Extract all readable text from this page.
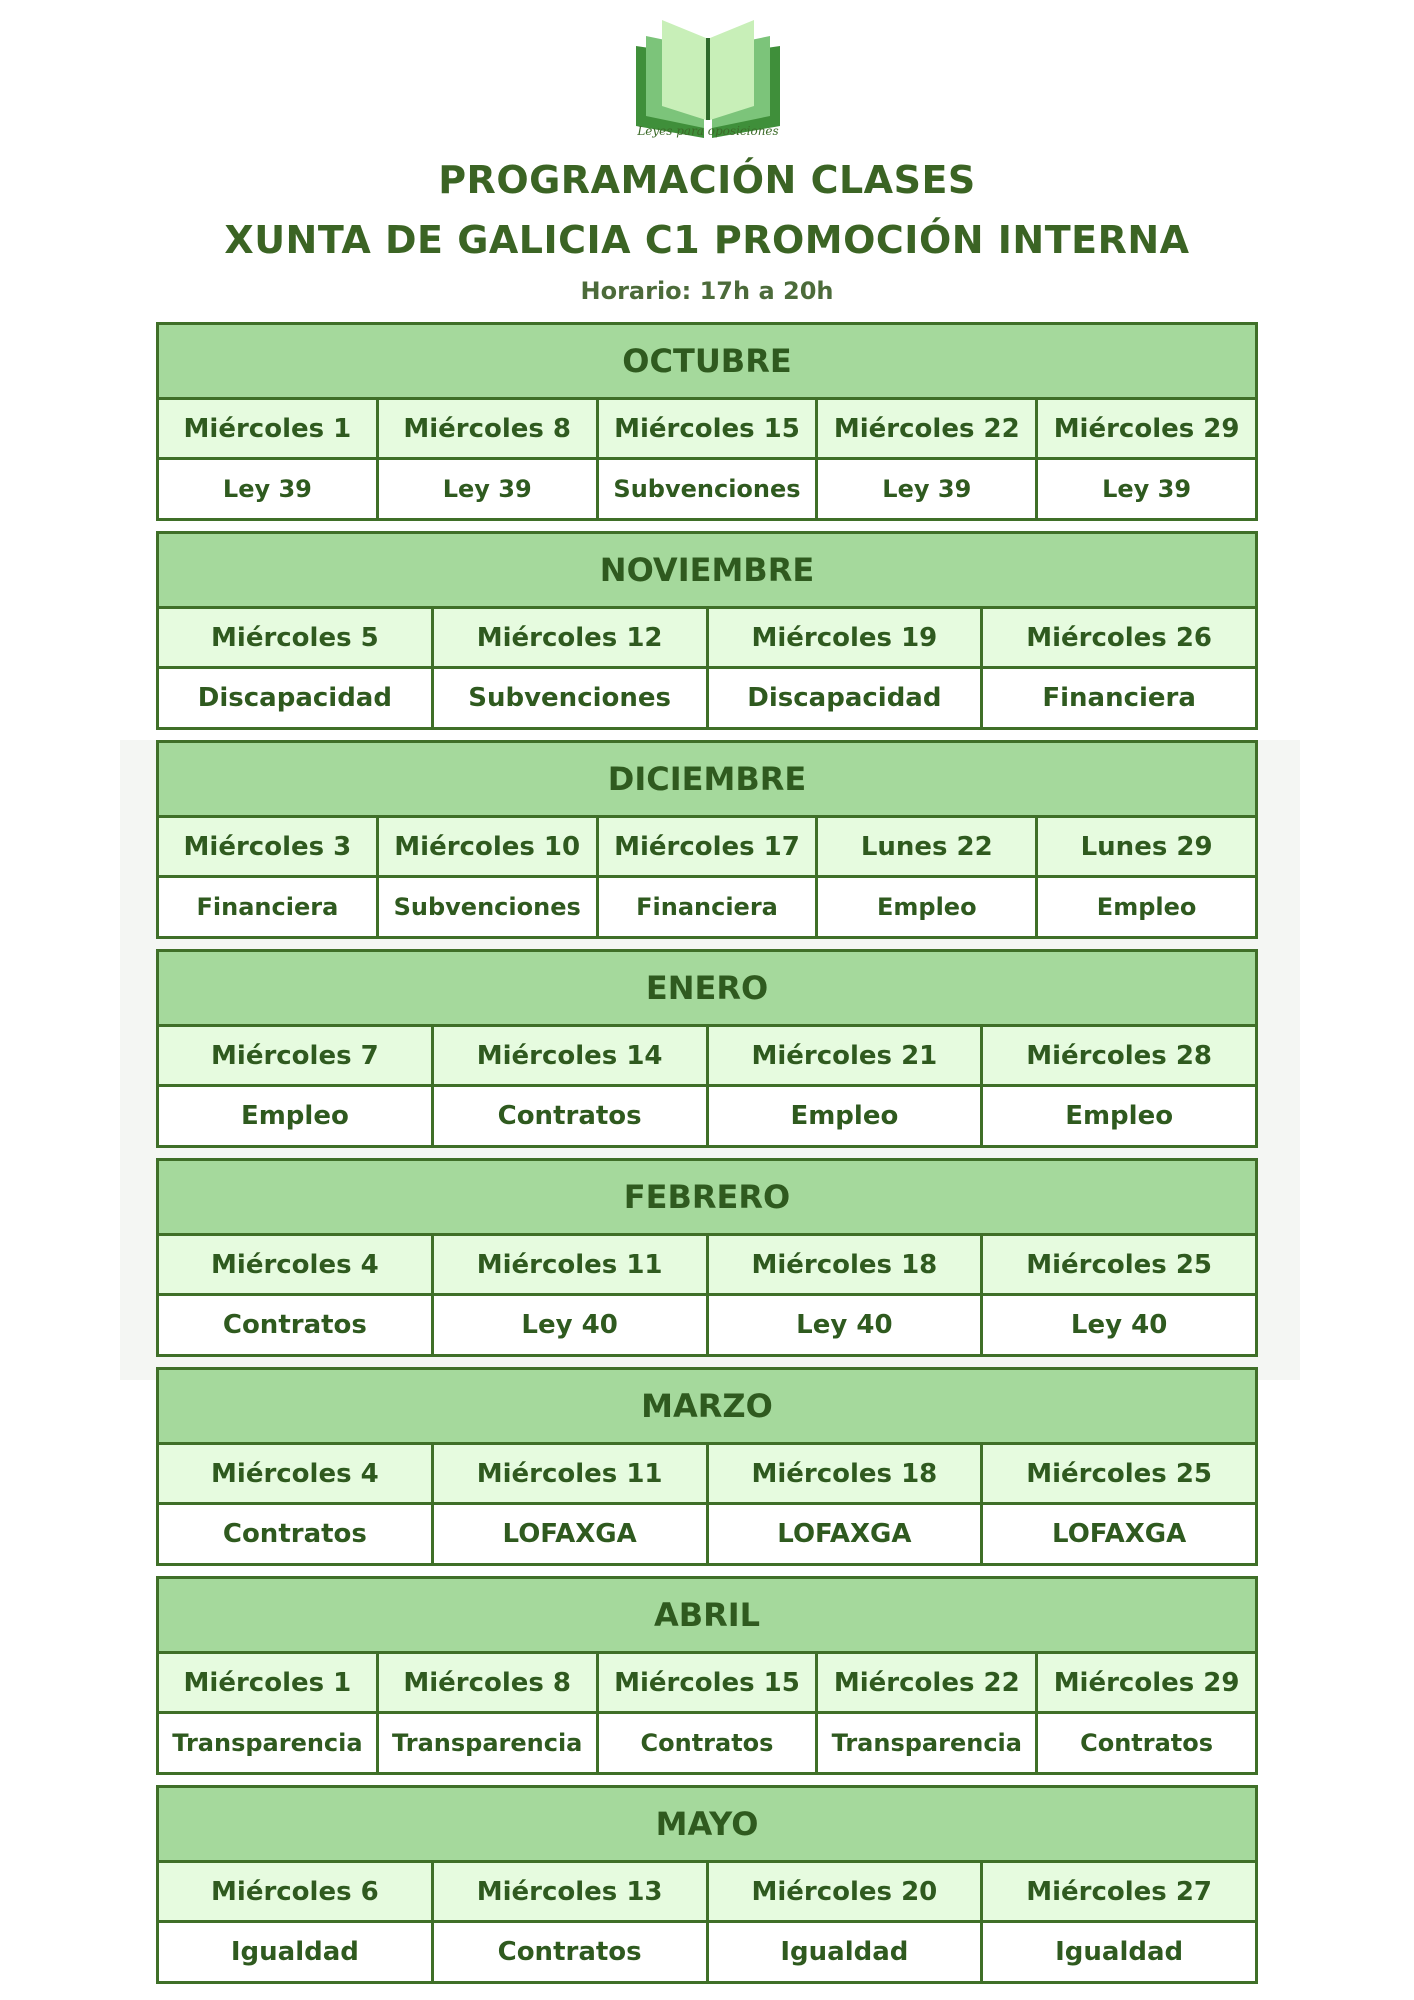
Leyes para oposiciones
PROGRAMACIÓN CLASES
XUNTA DE GALICIA C1 PROMOCIÓN INTERNA
Horario: 17h a 20h
OCTUBRE
Miércoles 1	Miércoles 8	Miércoles 15	Miércoles 22	Miércoles 29
Ley 39	Ley 39	Subvenciones	Ley 39	Ley 39
NOVIEMBRE
Miércoles 5	Miércoles 12	Miércoles 19	Miércoles 26
Discapacidad	Subvenciones	Discapacidad	Financiera
DICIEMBRE
Miércoles 3	Miércoles 10	Miércoles 17	Lunes 22	Lunes 29
Financiera	Subvenciones	Financiera	Empleo	Empleo
ENERO
Miércoles 7	Miércoles 14	Miércoles 21	Miércoles 28
Empleo	Contratos	Empleo	Empleo
FEBRERO
Miércoles 4	Miércoles 11	Miércoles 18	Miércoles 25
Contratos	Ley 40	Ley 40	Ley 40
MARZO
Miércoles 4	Miércoles 11	Miércoles 18	Miércoles 25
Contratos	LOFAXGA	LOFAXGA	LOFAXGA
ABRIL
Miércoles 1	Miércoles 8	Miércoles 15	Miércoles 22	Miércoles 29
Transparencia	Transparencia	Contratos	Transparencia	Contratos
MAYO
Miércoles 6	Miércoles 13	Miércoles 20	Miércoles 27
Igualdad	Contratos	Igualdad	Igualdad
